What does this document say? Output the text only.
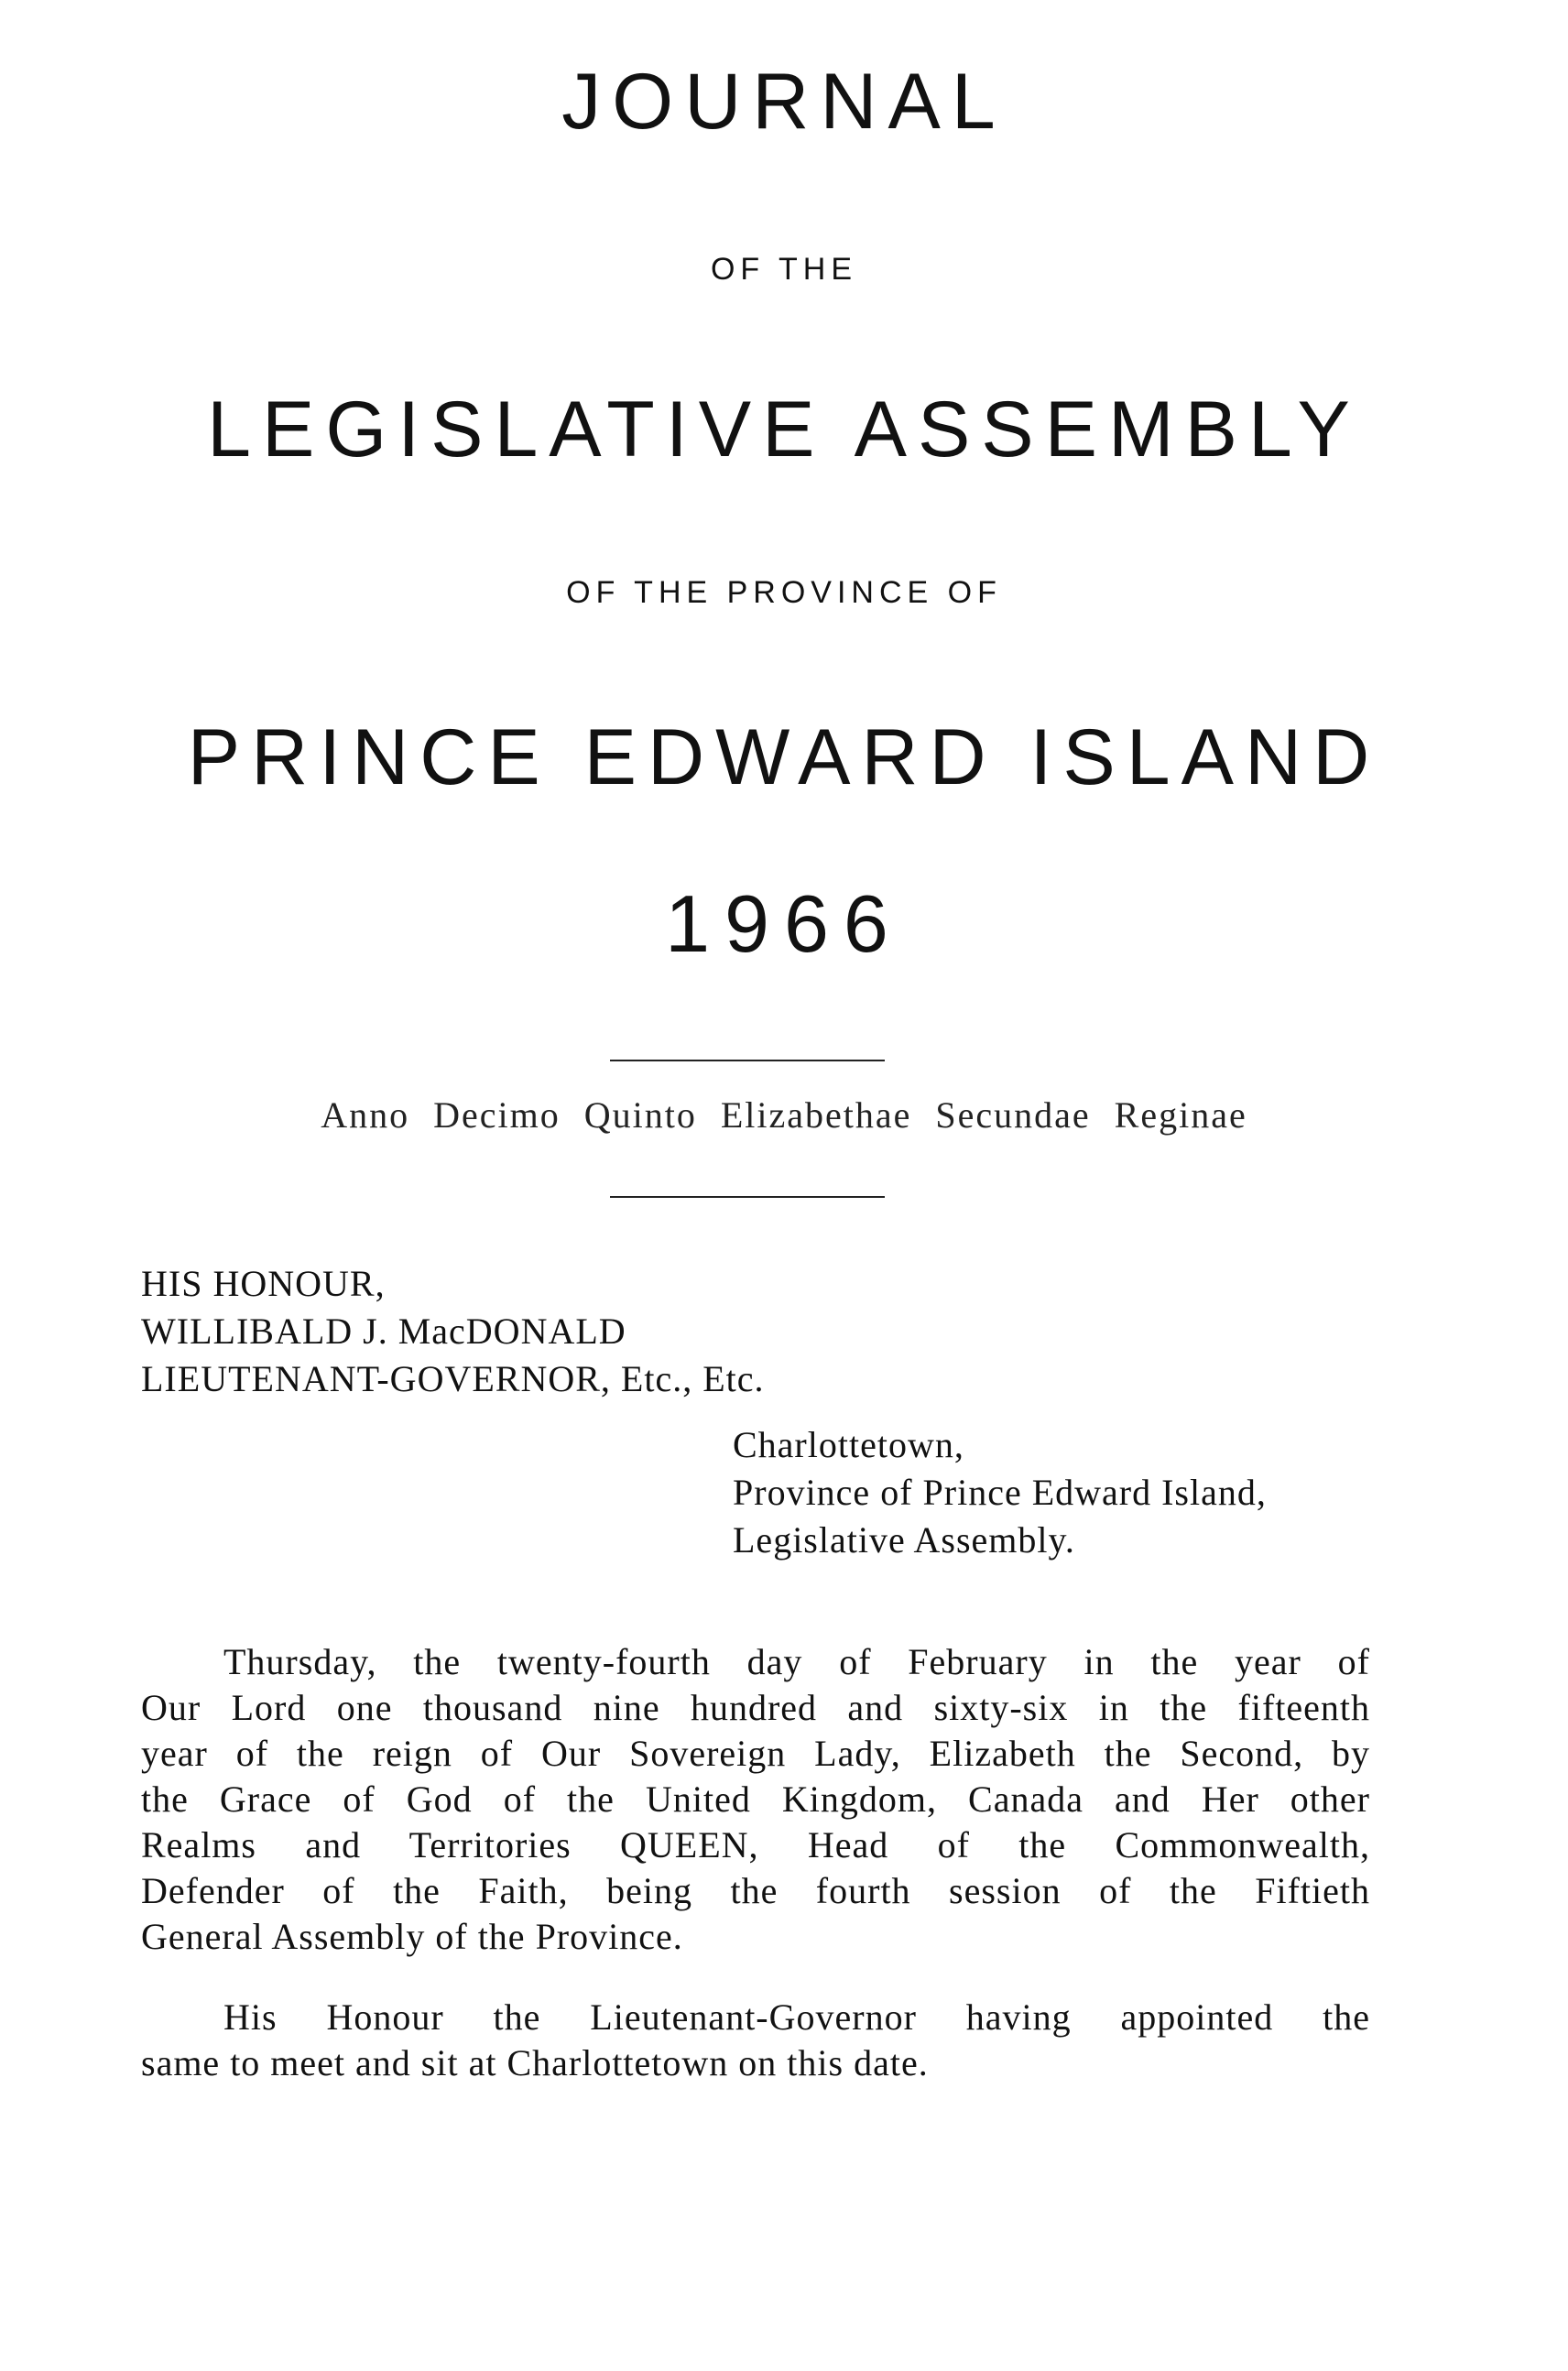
JOURNAL
OF THE
LEGISLATIVE ASSEMBLY
OF THE PROVINCE OF
PRINCE EDWARD ISLAND
1966
Anno Decimo Quinto Elizabethae Secundae Reginae
HIS HONOUR,
WILLIBALD J. MacDONALD
LIEUTENANT-GOVERNOR, Etc., Etc.
Charlottetown,
Province of Prince Edward Island,
Legislative Assembly.
Thursday, the twenty-fourth day of February in the year of
Our Lord one thousand nine hundred and sixty-six in the fifteenth
year of the reign of Our Sovereign Lady, Elizabeth the Second, by
the Grace of God of the United Kingdom, Canada and Her other
Realms and Territories QUEEN, Head of the Commonwealth,
Defender of the Faith, being the fourth session of the Fiftieth
General Assembly of the Province.
His Honour the Lieutenant-Governor having appointed the
same to meet and sit at Charlottetown on this date.
